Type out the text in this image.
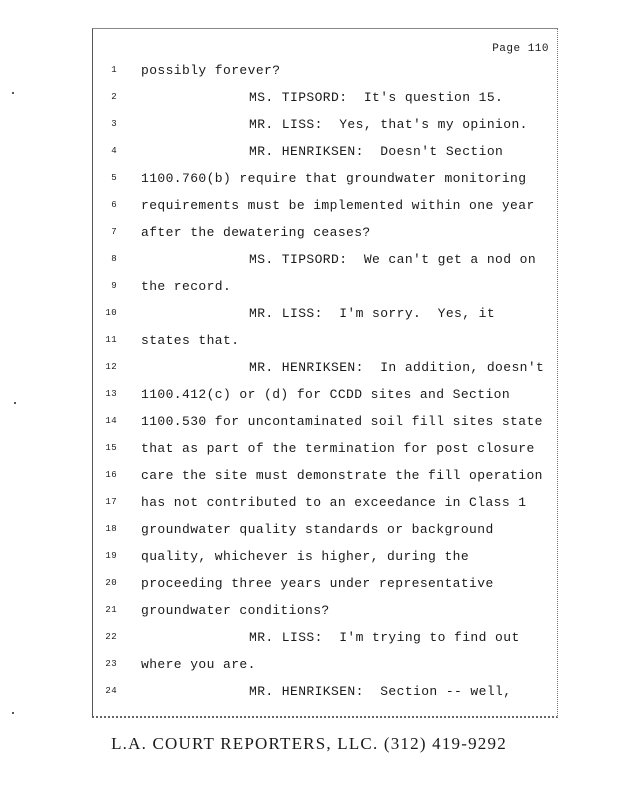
Page 110
1 possibly forever?
2	MS. TIPSORD:  It's question 15.
3	MR. LISS:  Yes, that's my opinion.
4	MR. HENRIKSEN:  Doesn't Section
5 1100.760(b) require that groundwater monitoring
6 requirements must be implemented within one year
7 after the dewatering ceases?
8	MS. TIPSORD:  We can't get a nod on
9 the record.
10	MR. LISS:  I'm sorry.  Yes, it
11 states that.
12	MR. HENRIKSEN:  In addition, doesn't
13 1100.412(c) or (d) for CCDD sites and Section
14 1100.530 for uncontaminated soil fill sites state
15 that as part of the termination for post closure
16 care the site must demonstrate the fill operation
17 has not contributed to an exceedance in Class 1
18 groundwater quality standards or background
19 quality, whichever is higher, during the
20 proceeding three years under representative
21 groundwater conditions?
22	MR. LISS:  I'm trying to find out
23 where you are.
24	MR. HENRIKSEN:  Section -- well,
L.A. COURT REPORTERS, LLC. (312) 419-9292
